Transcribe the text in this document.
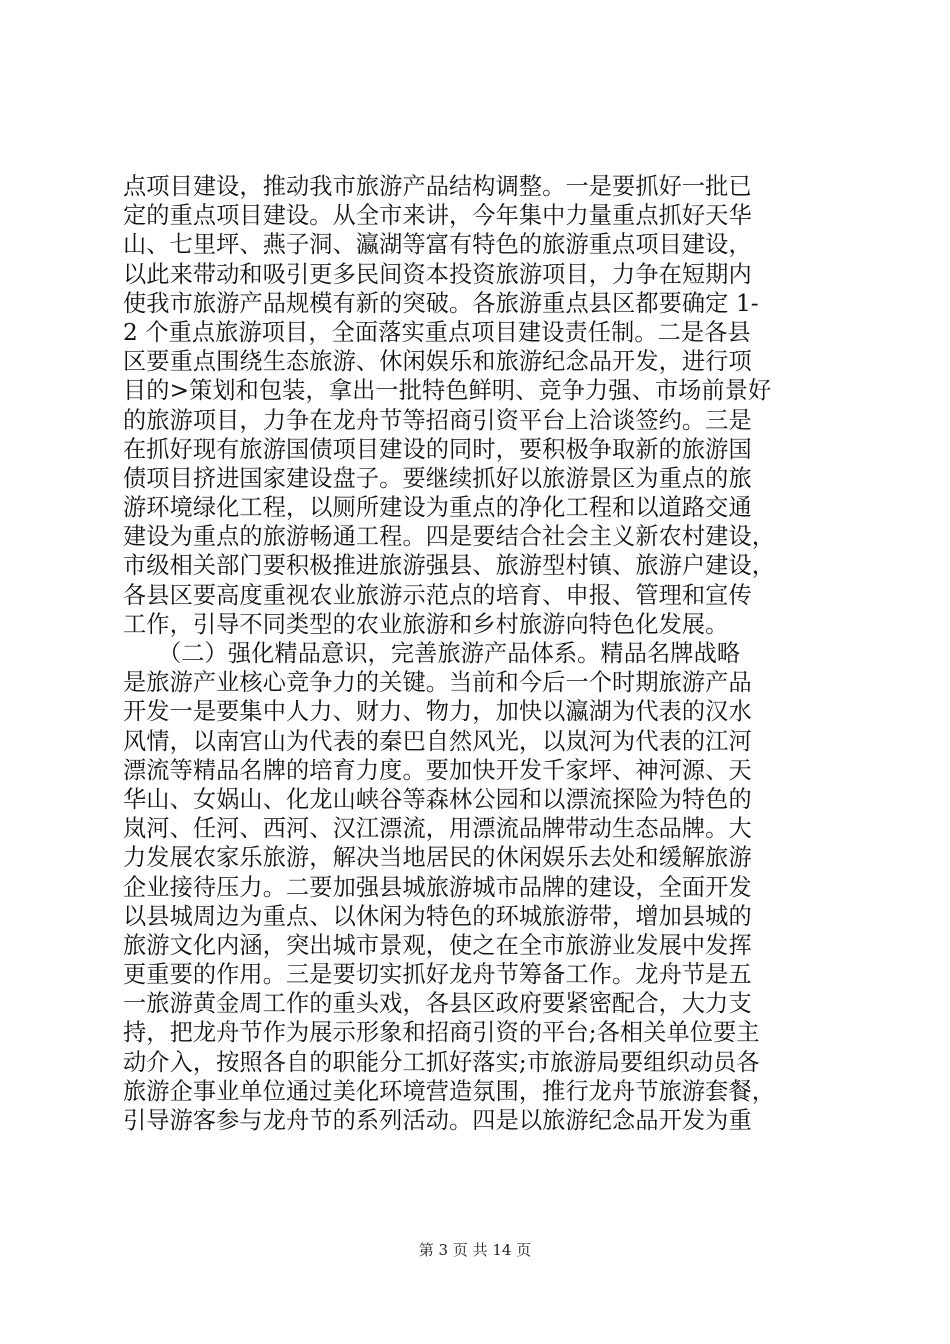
点项目建设，推动我市旅游产品结构调整。一是要抓好一批已
定的重点项目建设。从全市来讲，今年集中力量重点抓好天华
山、七里坪、燕子洞、瀛湖等富有特色的旅游重点项目建设，
以此来带动和吸引更多民间资本投资旅游项目，力争在短期内
使我市旅游产品规模有新的突破。各旅游重点县区都要确定 1-
2 个重点旅游项目，全面落实重点项目建设责任制。二是各县
区要重点围绕生态旅游、休闲娱乐和旅游纪念品开发，进行项
目的>策划和包装，拿出一批特色鲜明、竞争力强、市场前景好
的旅游项目，力争在龙舟节等招商引资平台上洽谈签约。三是
在抓好现有旅游国债项目建设的同时，要积极争取新的旅游国
债项目挤进国家建设盘子。要继续抓好以旅游景区为重点的旅
游环境绿化工程，以厕所建设为重点的净化工程和以道路交通
建设为重点的旅游畅通工程。四是要结合社会主义新农村建设，
市级相关部门要积极推进旅游强县、旅游型村镇、旅游户建设，
各县区要高度重视农业旅游示范点的培育、申报、管理和宣传
工作，引导不同类型的农业旅游和乡村旅游向特色化发展。
　　（二）强化精品意识，完善旅游产品体系。精品名牌战略
是旅游产业核心竞争力的关键。当前和今后一个时期旅游产品
开发一是要集中人力、财力、物力，加快以瀛湖为代表的汉水
风情，以南宫山为代表的秦巴自然风光，以岚河为代表的江河
漂流等精品名牌的培育力度。要加快开发千家坪、神河源、天
华山、女娲山、化龙山峡谷等森林公园和以漂流探险为特色的
岚河、任河、西河、汉江漂流，用漂流品牌带动生态品牌。大
力发展农家乐旅游，解决当地居民的休闲娱乐去处和缓解旅游
企业接待压力。二要加强县城旅游城市品牌的建设，全面开发
以县城周边为重点、以休闲为特色的环城旅游带，增加县城的
旅游文化内涵，突出城市景观，使之在全市旅游业发展中发挥
更重要的作用。三是要切实抓好龙舟节筹备工作。龙舟节是五
一旅游黄金周工作的重头戏，各县区政府要紧密配合，大力支
持，把龙舟节作为展示形象和招商引资的平台;各相关单位要主
动介入，按照各自的职能分工抓好落实;市旅游局要组织动员各
旅游企事业单位通过美化环境营造氛围，推行龙舟节旅游套餐，
引导游客参与龙舟节的系列活动。四是以旅游纪念品开发为重
第 3 页 共 14 页
